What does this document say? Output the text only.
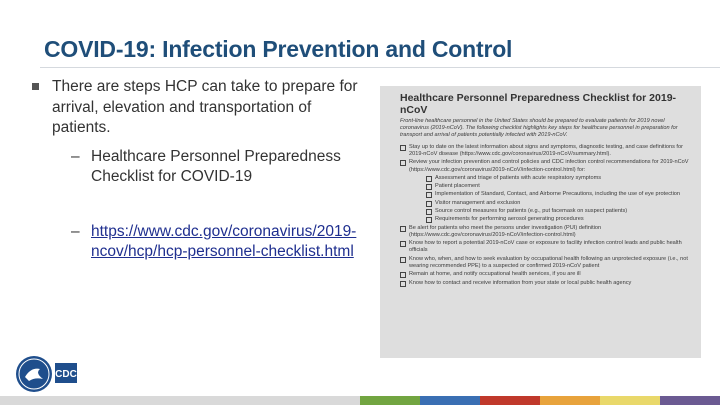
COVID-19: Infection Prevention and Control
There are steps HCP can take to prepare for arrival, elevation and transportation of patients.
– Healthcare Personnel Preparedness Checklist for COVID-19
– https://www.cdc.gov/coronavirus/2019-ncov/hcp/hcp-personnel-checklist.html
Healthcare Personnel Preparedness Checklist for 2019-nCoV
Front-line healthcare personnel in the United States should be prepared to evaluate patients for 2019 novel coronavirus (2019-nCoV). The following checklist highlights key steps for healthcare personnel in preparation for transport and arrival of patients potentially infected with 2019-nCoV.
Stay up to date on the latest information about signs and symptoms, diagnostic testing, and case definitions for 2019-nCoV disease (https://www.cdc.gov/coronavirus/2019-nCoV/summary.html).
Review your infection prevention and control policies and CDC infection control recommendations for 2019-nCoV (https://www.cdc.gov/coronavirus/2019-nCoV/infection-control.html) for:
Assessment and triage of patients with acute respiratory symptoms
Patient placement
Implementation of Standard, Contact, and Airborne Precautions, including the use of eye protection
Visitor management and exclusion
Source control measures for patients (e.g., put facemask on suspect patients)
Requirements for performing aerosol generating procedures
Be alert for patients who meet the persons under investigation (PUI) definition (https://www.cdc.gov/coronavirus/2019-nCoV/infection-control.html)
Know how to report a potential 2019-nCoV case or exposure to facility infection control leads and public health officials
Know who, when, and how to seek evaluation by occupational health following an unprotected exposure (i.e., not wearing recommended PPE) to a suspected or confirmed 2019-nCoV patient
Remain at home, and notify occupational health services, if you are ill
Know how to contact and receive information from your state or local public health agency
CDC
